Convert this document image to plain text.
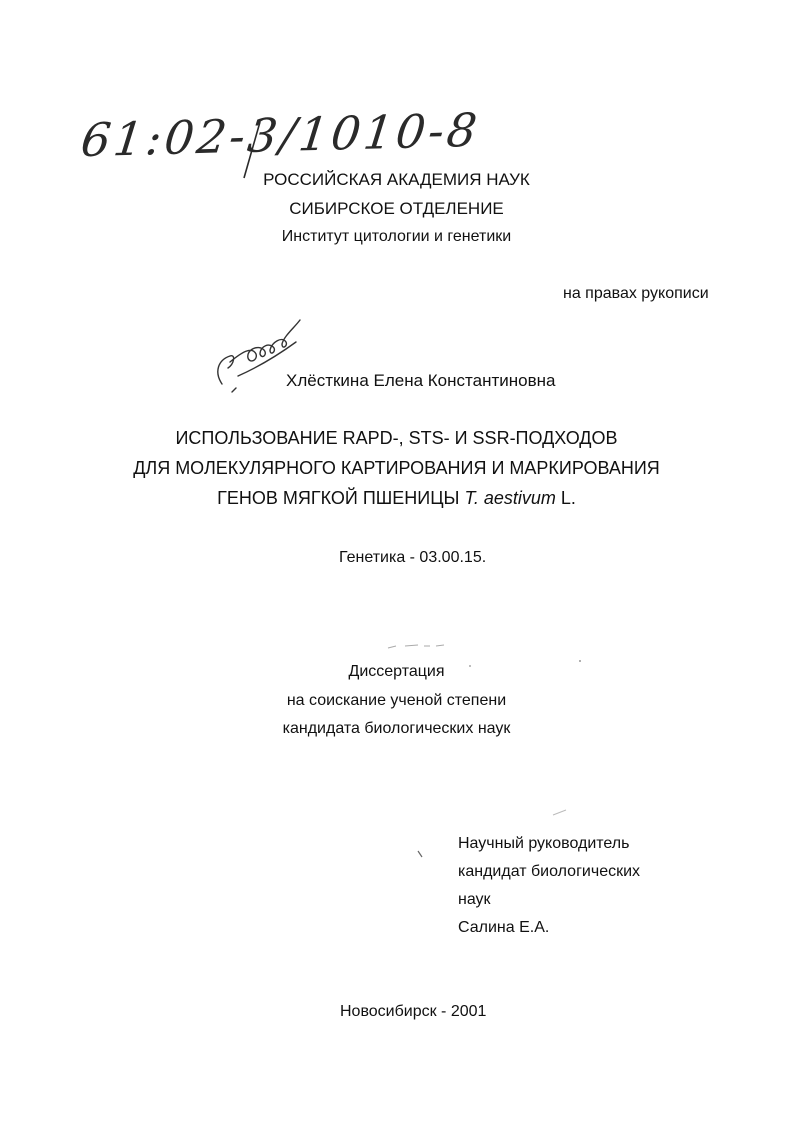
61:02-3/1010-8
РОССИЙСКАЯ АКАДЕМИЯ НАУК
СИБИРСКОЕ ОТДЕЛЕНИЕ
Институт цитологии и генетики
на правах рукописи
Хлёсткина Елена Константиновна
ИСПОЛЬЗОВАНИЕ RAPD-, STS- И SSR-ПОДХОДОВ
ДЛЯ МОЛЕКУЛЯРНОГО КАРТИРОВАНИЯ И МАРКИРОВАНИЯ
ГЕНОВ МЯГКОЙ ПШЕНИЦЫ T. aestivum L.
Генетика - 03.00.15.
Диссертация
на соискание ученой степени
кандидата биологических наук
Научный руководитель
кандидат биологических
наук
Салина Е.А.
Новосибирск - 2001
